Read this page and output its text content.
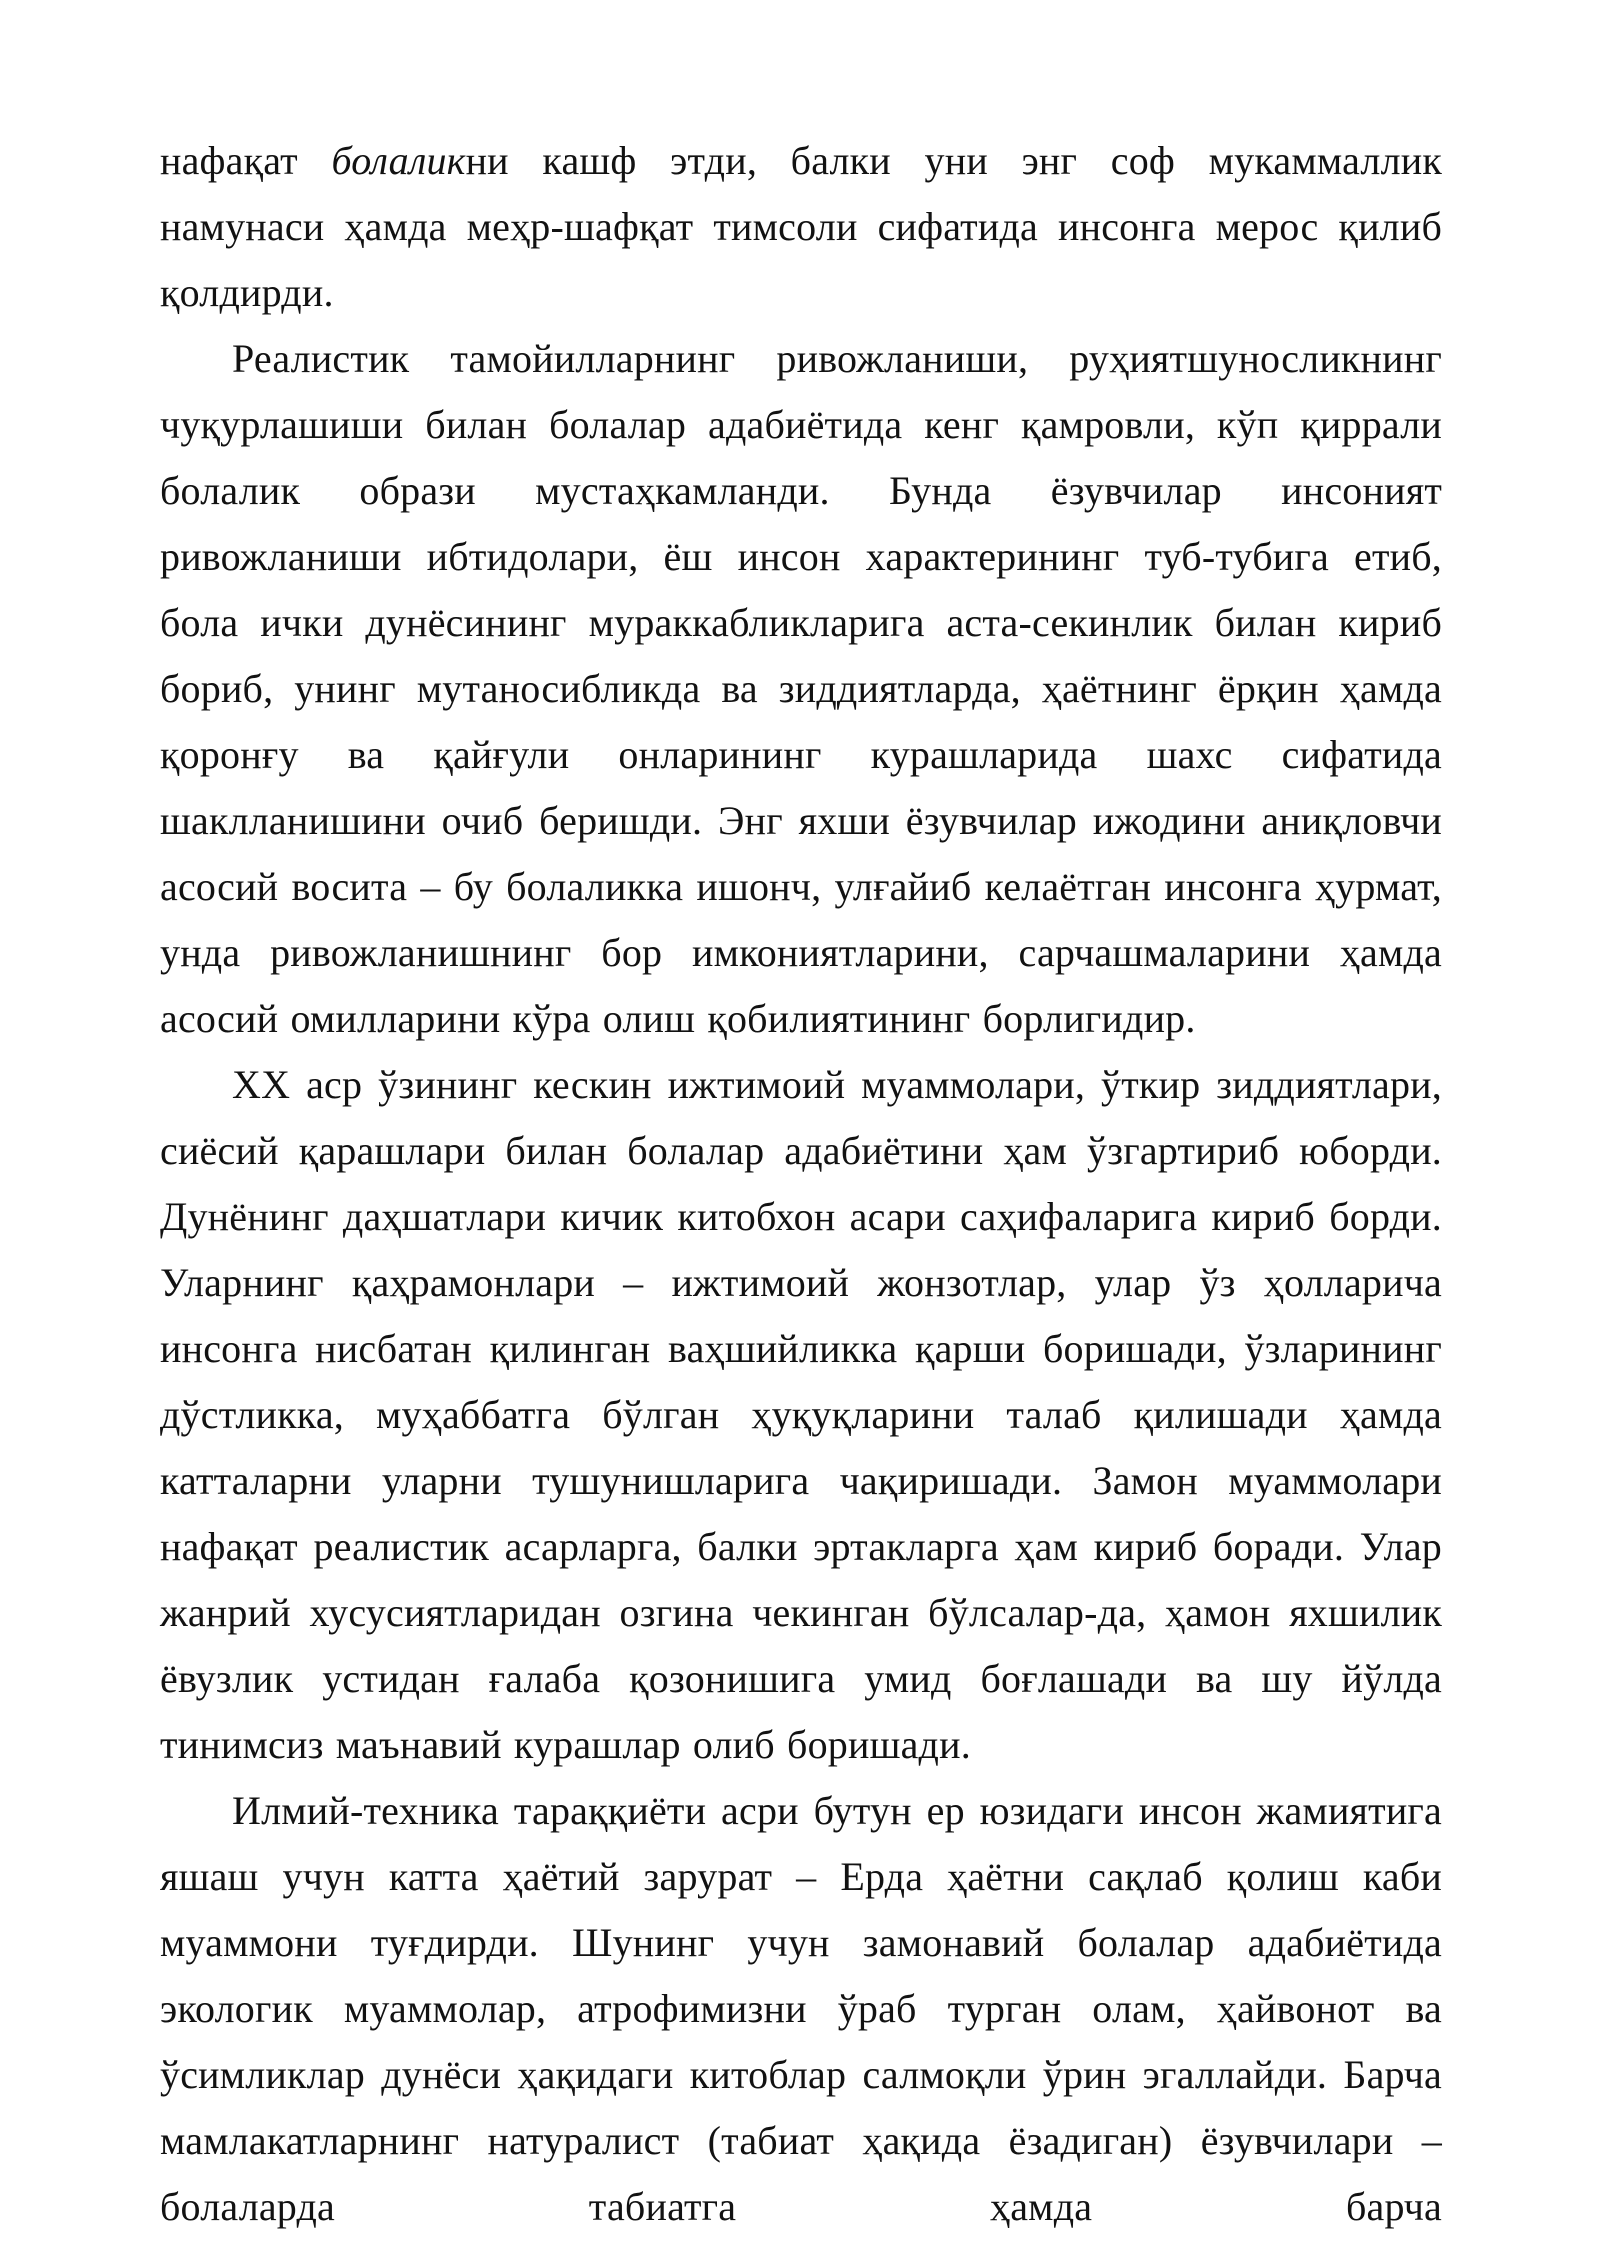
нафақат болаликни кашф этди, балки уни энг соф мукаммаллик намунаси ҳамда меҳр-шафқат тимсоли сифатида инсонга мерос қилиб қолдирди.

Реалистик тамойилларнинг ривожланиши, руҳиятшуносликнинг чуқурлашиши билан болалар адабиётида кенг қамровли, кўп қиррали болалик образи мустаҳкамланди. Бунда ёзувчилар инсоният ривожланиши ибтидолари, ёш инсон характерининг туб-тубига етиб, бола ички дунёсининг мураккабликларига аста-секинлик билан кириб бориб, унинг мутаносибликда ва зиддиятларда, ҳаётнинг ёрқин ҳамда қоронғу ва қайғули онларининг курашларида шахс сифатида шаклланишини очиб беришди. Энг яхши ёзувчилар ижодини аниқловчи асосий восита – бу болаликка ишонч, улғайиб келаётган инсонга ҳурмат, унда ривожланишнинг бор имкониятларини, сарчашмаларини ҳамда асосий омилларини кўра олиш қобилиятининг борлигидир.

ХХ аср ўзининг кескин ижтимоий муаммолари, ўткир зиддиятлари, сиёсий қарашлари билан болалар адабиётини ҳам ўзгартириб юборди. Дунёнинг даҳшатлари кичик китобхон асари саҳифаларига кириб борди. Уларнинг қаҳрамонлари – ижтимоий жонзотлар, улар ўз ҳолларича инсонга нисбатан қилинган ваҳшийликка қарши боришади, ўзларининг дўстликка, муҳаббатга бўлган ҳуқуқларини талаб қилишади ҳамда катталарни уларни тушунишларига чақиришади. Замон муаммолари нафақат реалистик асарларга, балки эртакларга ҳам кириб боради. Улар жанрий хусусиятларидан озгина чекинган бўлсалар-да, ҳамон яхшилик ёвузлик устидан ғалаба қозонишига умид боғлашади ва шу йўлда тинимсиз маънавий курашлар олиб боришади.

Илмий-техника тараққиёти асри бутун ер юзидаги инсон жамиятига яшаш учун катта ҳаётий зарурат – Ерда ҳаётни сақлаб қолиш каби муаммони туғдирди. Шунинг учун замонавий болалар адабиётида экологик муаммолар, атрофимизни ўраб турган олам, ҳайвонот ва ўсимликлар дунёси ҳақидаги китоблар салмоқли ўрин эгаллайди. Барча мамлакатларнинг натуралист (табиат ҳақида ёзадиган) ёзувчилари – болаларда табиатга ҳамда барча
